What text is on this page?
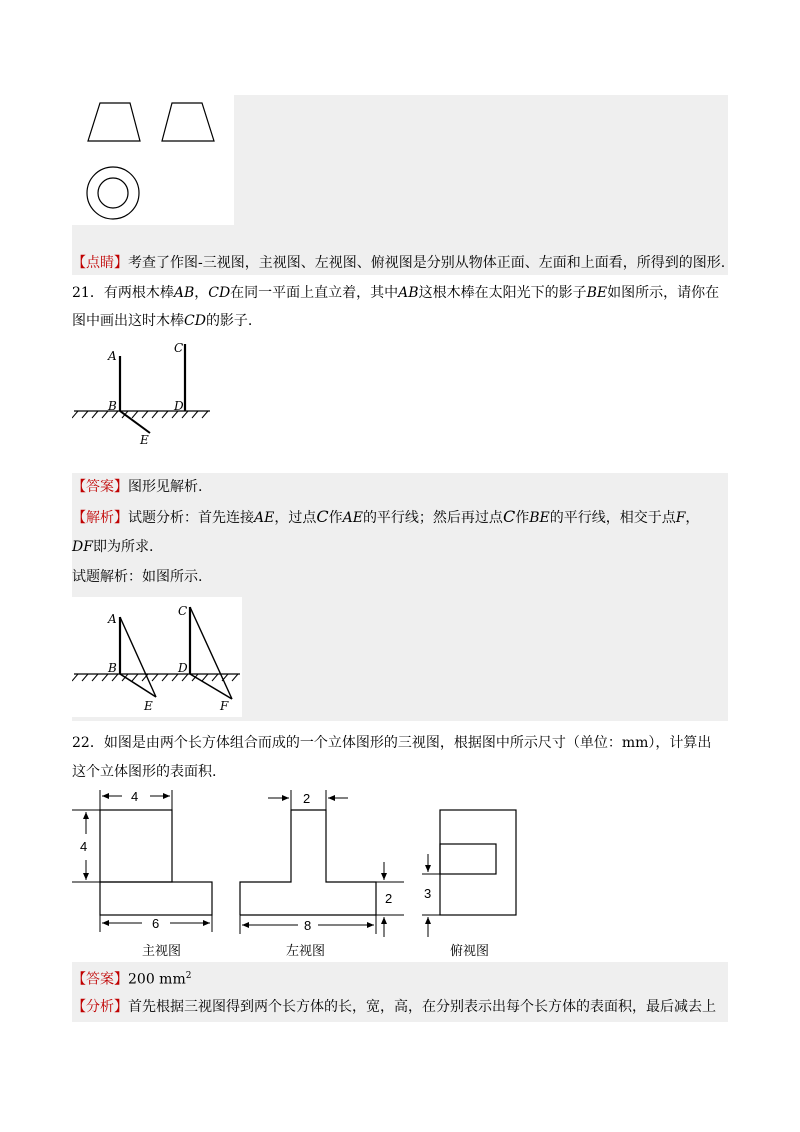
【点睛】考查了作图-三视图，主视图、左视图、俯视图是分别从物体正面、左面和上面看，所得到的图形.
21．有两根木棒AB，CD在同一平面上直立着，其中AB这根木棒在太阳光下的影子BE如图所示，请你在
图中画出这时木棒CD的影子.
A
B
C
D
E
【答案】图形见解析.
【解析】试题分析：首先连接AE，过点C作AE的平行线；然后再过点C作BE的平行线，相交于点F，
DF即为所求.
试题解析：如图所示.
A
B
C
D
E	F
22．如图是由两个长方体组合而成的一个立体图形的三视图，根据图中所示尺寸（单位：mm），计算出
这个立体图形的表面积.
4
4
6
主视图
2
8
2
左视图
3
俯视图
【答案】200 $mm^2$
【分析】首先根据三视图得到两个长方体的长，宽，高，在分别表示出每个长方体的表面积，最后减去上
